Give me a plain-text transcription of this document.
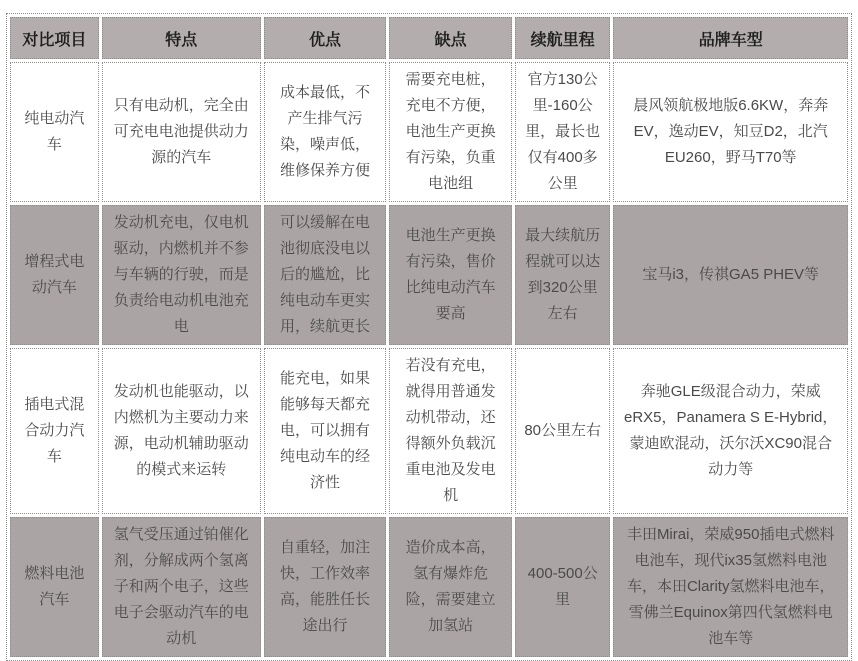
对比项目	特点	优点	缺点	续航里程	品牌车型
纯电动汽车	只有电动机，完全由可充电电池提供动力源的汽车	成本最低，不产生排气污染，噪声低，维修保养方便	需要充电桩，充电不方便，电池生产更换有污染，负重电池组	官方130公里-160公里，最长也仅有400多公里	晨风领航极地版6.6KW，奔奔EV，逸动EV，知豆D2，北汽EU260，野马T70等
增程式电动汽车	发动机充电，仅电机驱动，内燃机并不参与车辆的行驶，而是负责给电动机电池充电	可以缓解在电池彻底没电以后的尴尬，比纯电动车更实用，续航更长	电池生产更换有污染，售价比纯电动汽车要高	最大续航历程就可以达到320公里左右	宝马i3，传祺GA5 PHEV等
插电式混合动力汽车	发动机也能驱动，以内燃机为主要动力来源，电动机辅助驱动的模式来运转	能充电，如果能够每天都充电，可以拥有纯电动车的经济性	若没有充电，就得用普通发动机带动，还得额外负载沉重电池及发电机	80公里左右	奔驰GLE级混合动力，荣威eRX5，Panamera S E-Hybrid，蒙迪欧混动，沃尔沃XC90混合动力等
燃料电池汽车	氢气受压通过铂催化剂，分解成两个氢离子和两个电子，这些电子会驱动汽车的电动机	自重轻，加注快，工作效率高，能胜任长途出行	造价成本高，氢有爆炸危险，需要建立加氢站	400-500公里	丰田Mirai，荣威950插电式燃料电池车，现代ix35氢燃料电池车，本田Clarity氢燃料电池车，雪佛兰Equinox第四代氢燃料电池车等
